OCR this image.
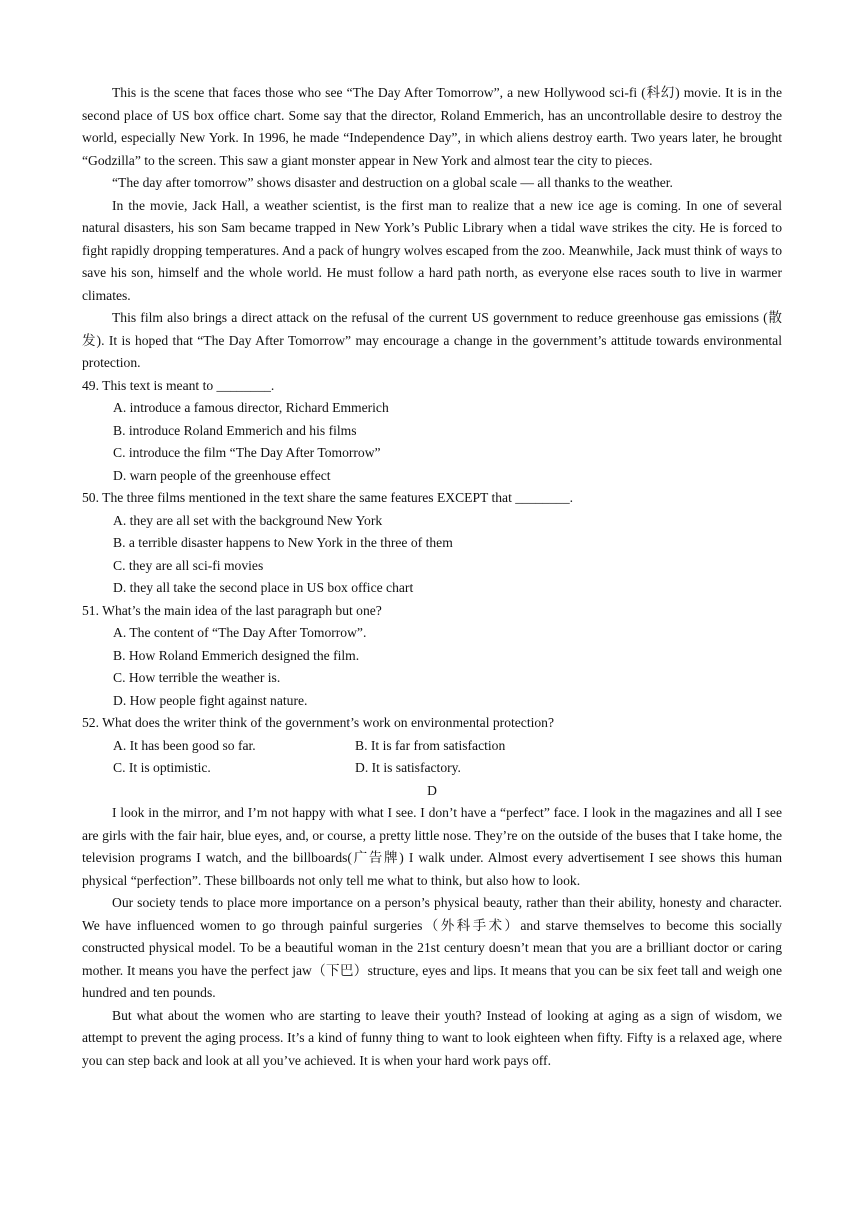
This is the scene that faces those who see “The Day After Tomorrow”, a new Hollywood sci-fi (科幻) movie. It is in the second place of US box office chart. Some say that the director, Roland Emmerich, has an uncontrollable desire to destroy the world, especially New York. In 1996, he made “Independence Day”, in which aliens destroy earth. Two years later, he brought “Godzilla” to the screen. This saw a giant monster appear in New York and almost tear the city to pieces.

“The day after tomorrow” shows disaster and destruction on a global scale — all thanks to the weather.

In the movie, Jack Hall, a weather scientist, is the first man to realize that a new ice age is coming. In one of several natural disasters, his son Sam became trapped in New York’s Public Library when a tidal wave strikes the city. He is forced to fight rapidly dropping temperatures. And a pack of hungry wolves escaped from the zoo. Meanwhile, Jack must think of ways to save his son, himself and the whole world. He must follow a hard path north, as everyone else races south to live in warmer climates.

This film also brings a direct attack on the refusal of the current US government to reduce greenhouse gas emissions (散发). It is hoped that “The Day After Tomorrow” may encourage a change in the government’s attitude towards environmental protection.

49. This text is meant to ________.

A. introduce a famous director, Richard Emmerich

B. introduce Roland Emmerich and his films

C. introduce the film “The Day After Tomorrow”

D. warn people of the greenhouse effect

50. The three films mentioned in the text share the same features EXCEPT that ________.

A. they are all set with the background New York

B. a terrible disaster happens to New York in the three of them

C. they are all sci-fi movies

D. they all take the second place in US box office chart

51. What’s the main idea of the last paragraph but one?

A. The content of “The Day After Tomorrow”.

B. How Roland Emmerich designed the film.

C. How terrible the weather is.

D. How people fight against nature.

52. What does the writer think of the government’s work on environmental protection?

A. It has been good so far.	B. It is far from satisfaction
C. It is optimistic.	D. It is satisfactory.

D

I look in the mirror, and I’m not happy with what I see. I don’t have a “perfect” face. I look in the magazines and all I see are girls with the fair hair, blue eyes, and, or course, a pretty little nose. They’re on the outside of the buses that I take home, the television programs I watch, and the billboards(广告牌) I walk under. Almost every advertisement I see shows this human physical “perfection”. These billboards not only tell me what to think, but also how to look.

Our society tends to place more importance on a person’s physical beauty, rather than their ability, honesty and character. We have influenced women to go through painful surgeries（外科手术）and starve themselves to become this socially constructed physical model. To be a beautiful woman in the 21st century doesn’t mean that you are a brilliant doctor or caring mother. It means you have the perfect jaw（下巴）structure, eyes and lips. It means that you can be six feet tall and weigh one hundred and ten pounds.

But what about the women who are starting to leave their youth? Instead of looking at aging as a sign of wisdom, we attempt to prevent the aging process. It’s a kind of funny thing to want to look eighteen when fifty. Fifty is a relaxed age, where you can step back and look at all you’ve achieved. It is when your hard work pays off.
